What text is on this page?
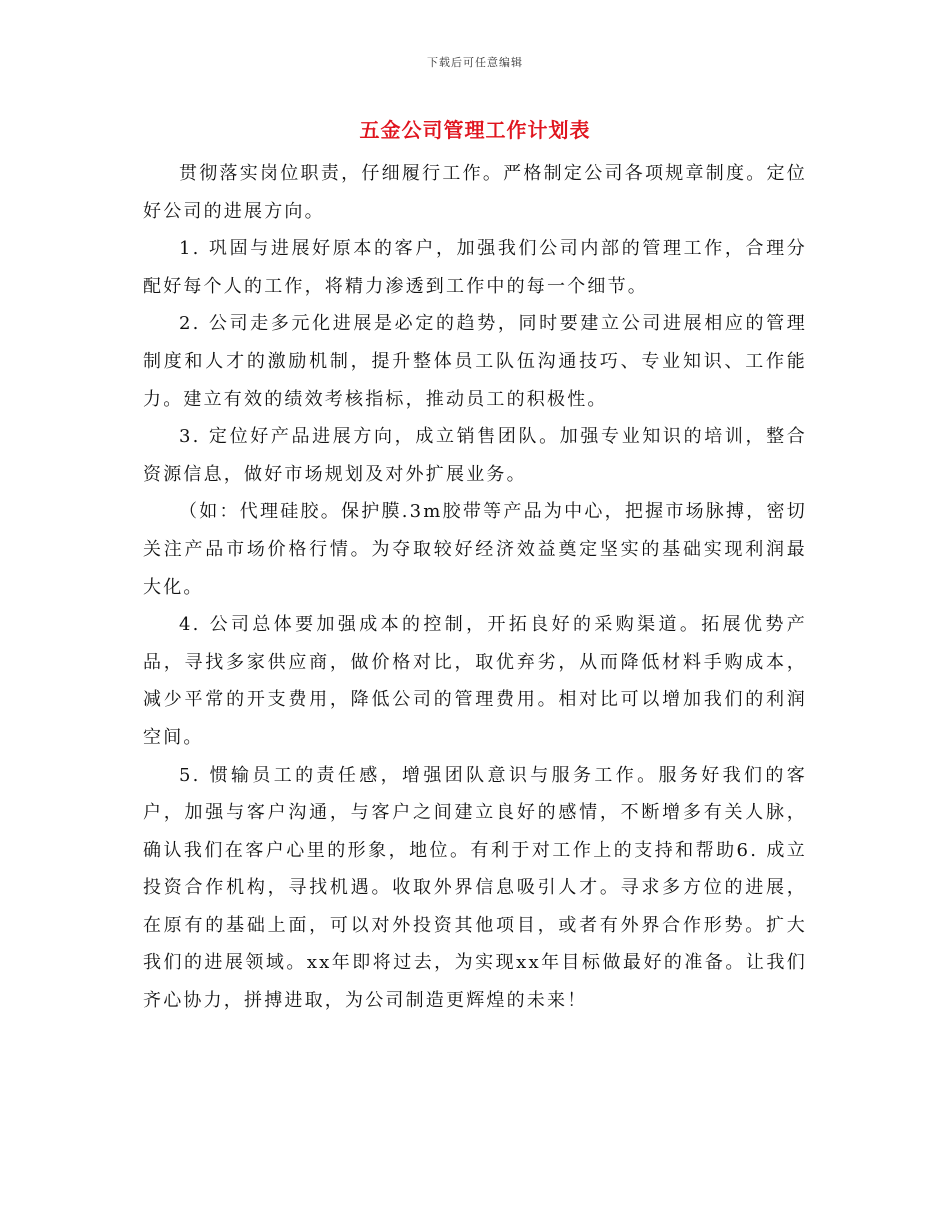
下载后可任意编辑
五金公司管理工作计划表

贯彻落实岗位职责，仔细履行工作。严格制定公司各项规章制度。定位好公司的进展方向。

1. 巩固与进展好原本的客户，加强我们公司内部的管理工作，合理分配好每个人的工作，将精力渗透到工作中的每一个细节。

2. 公司走多元化进展是必定的趋势，同时要建立公司进展相应的管理制度和人才的激励机制，提升整体员工队伍沟通技巧、专业知识、工作能力。建立有效的绩效考核指标，推动员工的积极性。

3. 定位好产品进展方向，成立销售团队。加强专业知识的培训，整合资源信息，做好市场规划及对外扩展业务。

（如：代理硅胶。保护膜.3m胶带等产品为中心，把握市场脉搏，密切关注产品市场价格行情。为夺取较好经济效益奠定坚实的基础实现利润最大化。

4. 公司总体要加强成本的控制，开拓良好的采购渠道。拓展优势产品，寻找多家供应商，做价格对比，取优弃劣，从而降低材料手购成本，减少平常的开支费用，降低公司的管理费用。相对比可以增加我们的利润空间。

5. 惯输员工的责任感，增强团队意识与服务工作。服务好我们的客户，加强与客户沟通，与客户之间建立良好的感情，不断增多有关人脉，确认我们在客户心里的形象，地位。有利于对工作上的支持和帮助6. 成立投资合作机构，寻找机遇。收取外界信息吸引人才。寻求多方位的进展，在原有的基础上面，可以对外投资其他项目，或者有外界合作形势。扩大我们的进展领域。xx年即将过去，为实现xx年目标做最好的准备。让我们齐心协力，拼搏进取，为公司制造更辉煌的未来！
